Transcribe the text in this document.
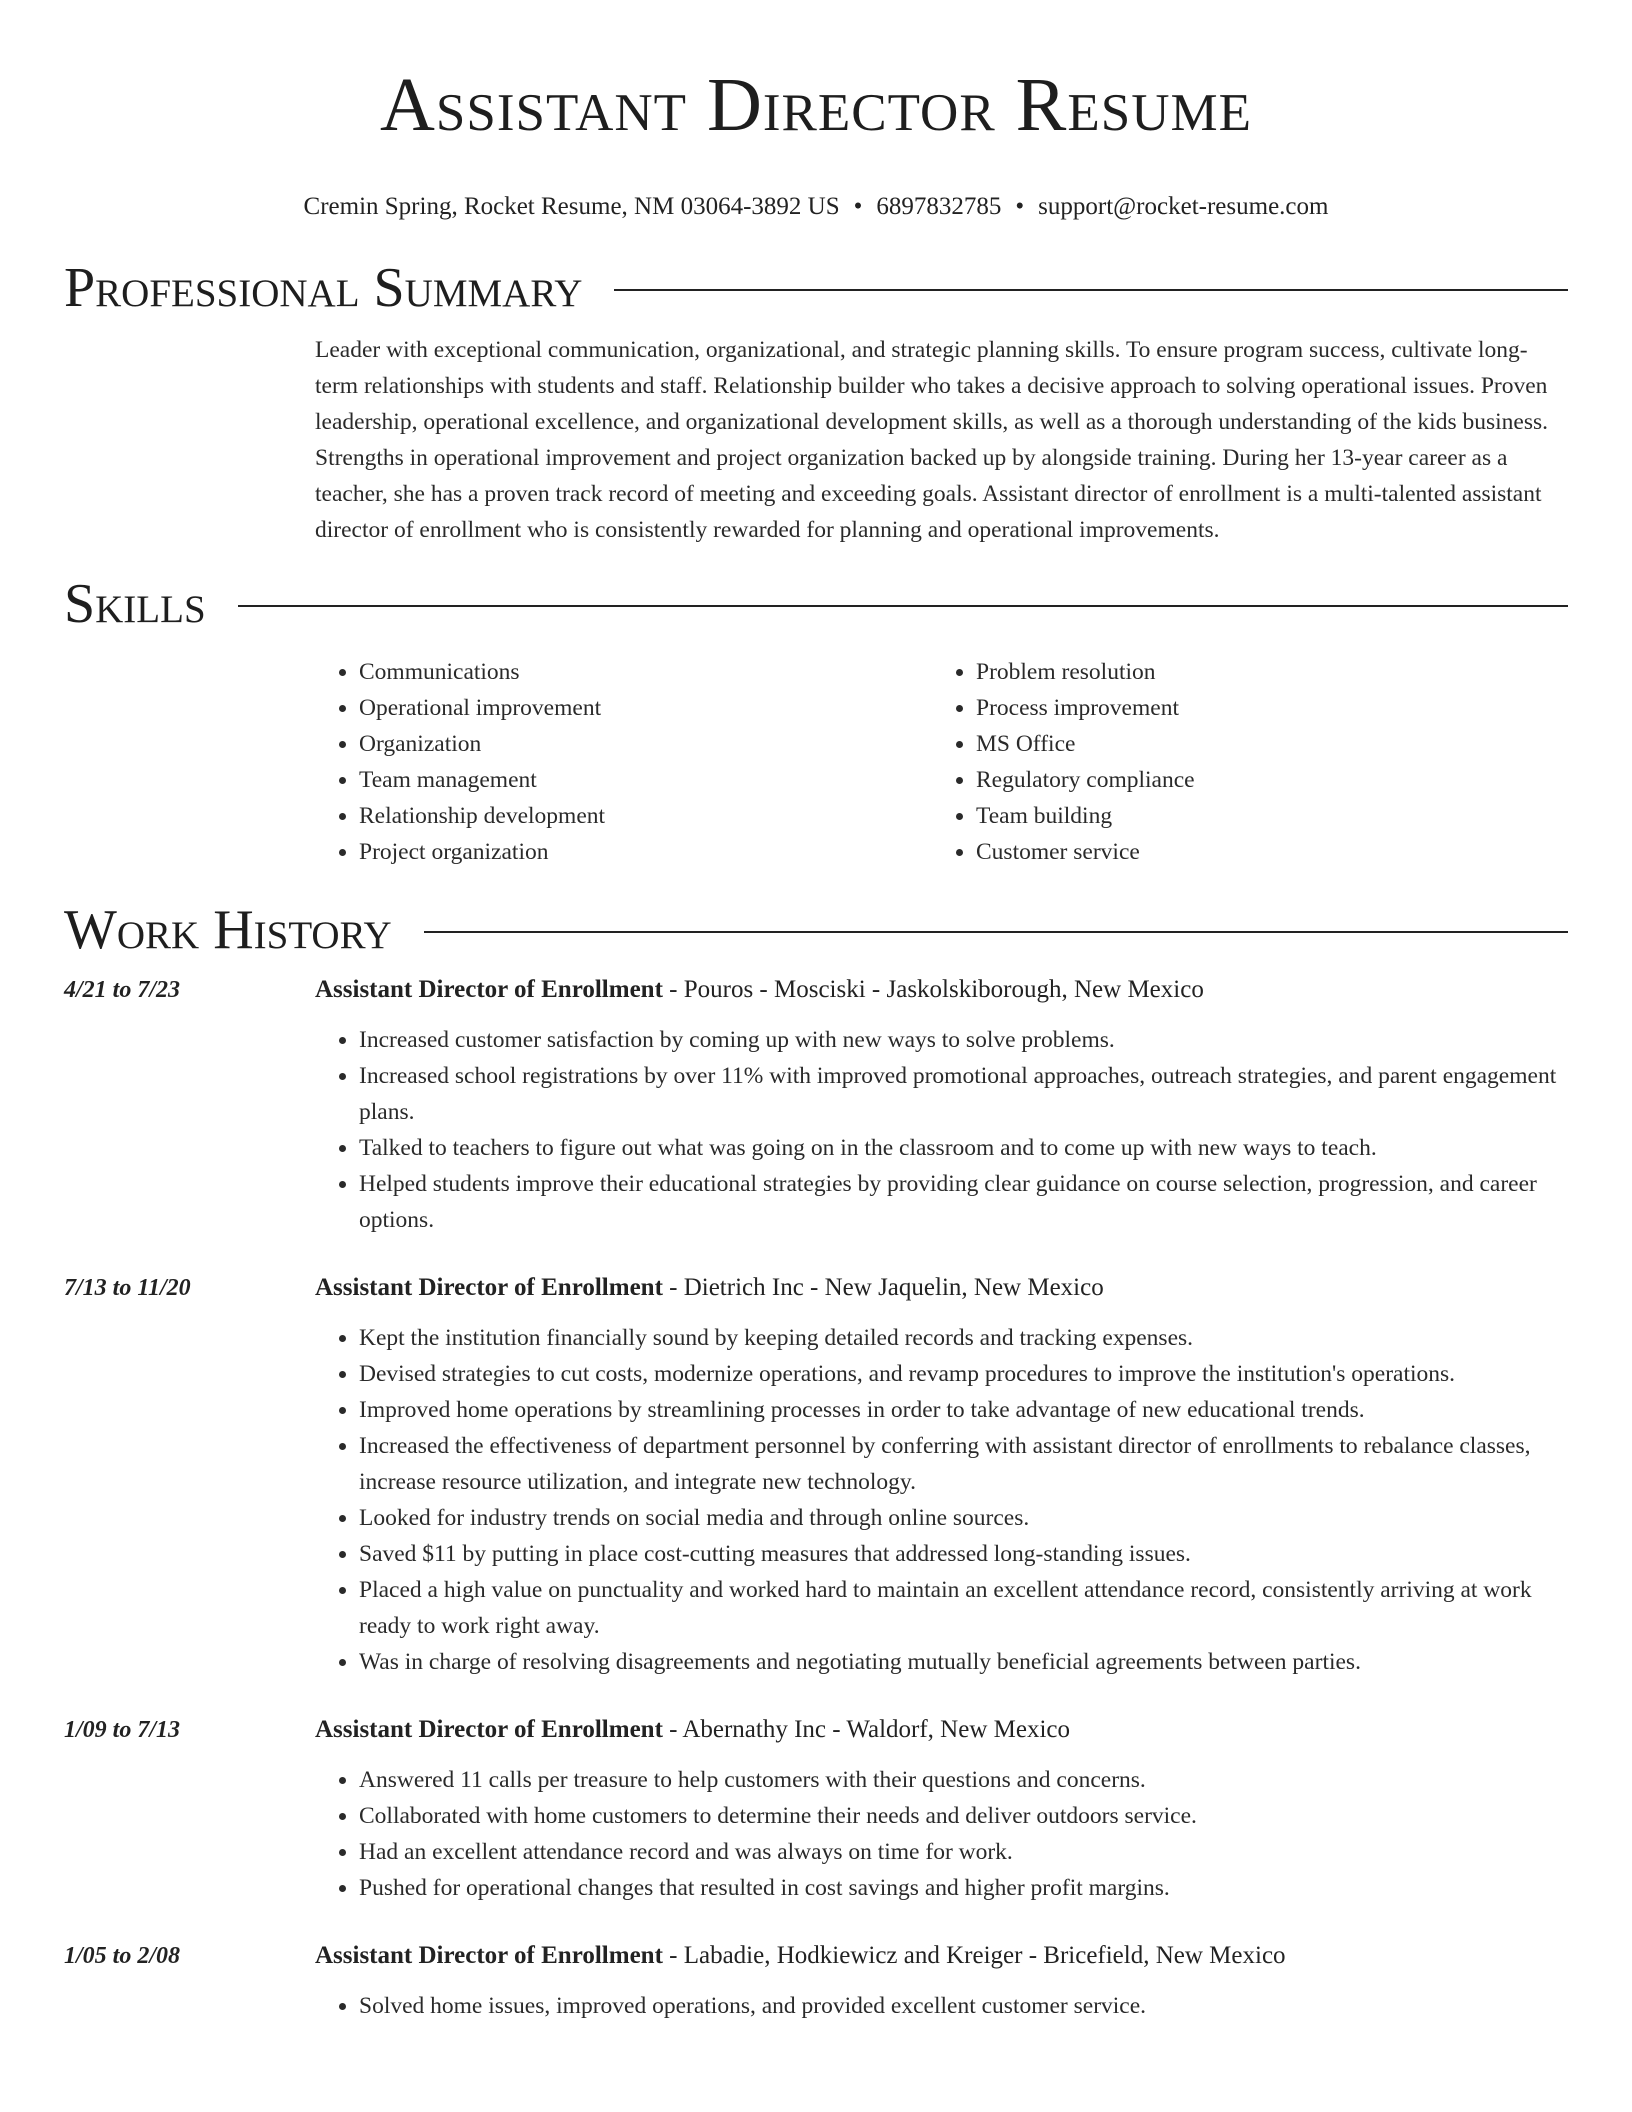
Assistant Director Resume
Cremin Spring, Rocket Resume, NM 03064-3892 US • 6897832785 • support@rocket-resume.com
Professional Summary

Leader with exceptional communication, organizational, and strategic planning skills. To ensure program success, cultivate long-term relationships with students and staff. Relationship builder who takes a decisive approach to solving operational issues. Proven leadership, operational excellence, and organizational development skills, as well as a thorough understanding of the kids business. Strengths in operational improvement and project organization backed up by alongside training. During her 13-year career as a teacher, she has a proven track record of meeting and exceeding goals. Assistant director of enrollment is a multi-talented assistant director of enrollment who is consistently rewarded for planning and operational improvements.

Skills
• Communications
• Operational improvement
• Organization
• Team management
• Relationship development
• Project organization
• Problem resolution
• Process improvement
• MS Office
• Regulatory compliance
• Team building
• Customer service
Work History
4/21 to 7/23	Assistant Director of Enrollment - Pouros - Mosciski - Jaskolskiborough, New Mexico
• Increased customer satisfaction by coming up with new ways to solve problems.
• Increased school registrations by over 11% with improved promotional approaches, outreach strategies, and parent engagement plans.
• Talked to teachers to figure out what was going on in the classroom and to come up with new ways to teach.
• Helped students improve their educational strategies by providing clear guidance on course selection, progression, and career options.
7/13 to 11/20	Assistant Director of Enrollment - Dietrich Inc - New Jaquelin, New Mexico
• Kept the institution financially sound by keeping detailed records and tracking expenses.
• Devised strategies to cut costs, modernize operations, and revamp procedures to improve the institution's operations.
• Improved home operations by streamlining processes in order to take advantage of new educational trends.
• Increased the effectiveness of department personnel by conferring with assistant director of enrollments to rebalance classes, increase resource utilization, and integrate new technology.
• Looked for industry trends on social media and through online sources.
• Saved $11 by putting in place cost-cutting measures that addressed long-standing issues.
• Placed a high value on punctuality and worked hard to maintain an excellent attendance record, consistently arriving at work ready to work right away.
• Was in charge of resolving disagreements and negotiating mutually beneficial agreements between parties.
1/09 to 7/13	Assistant Director of Enrollment - Abernathy Inc - Waldorf, New Mexico
• Answered 11 calls per treasure to help customers with their questions and concerns.
• Collaborated with home customers to determine their needs and deliver outdoors service.
• Had an excellent attendance record and was always on time for work.
• Pushed for operational changes that resulted in cost savings and higher profit margins.
1/05 to 2/08	Assistant Director of Enrollment - Labadie, Hodkiewicz and Kreiger - Bricefield, New Mexico
• Solved home issues, improved operations, and provided excellent customer service.
